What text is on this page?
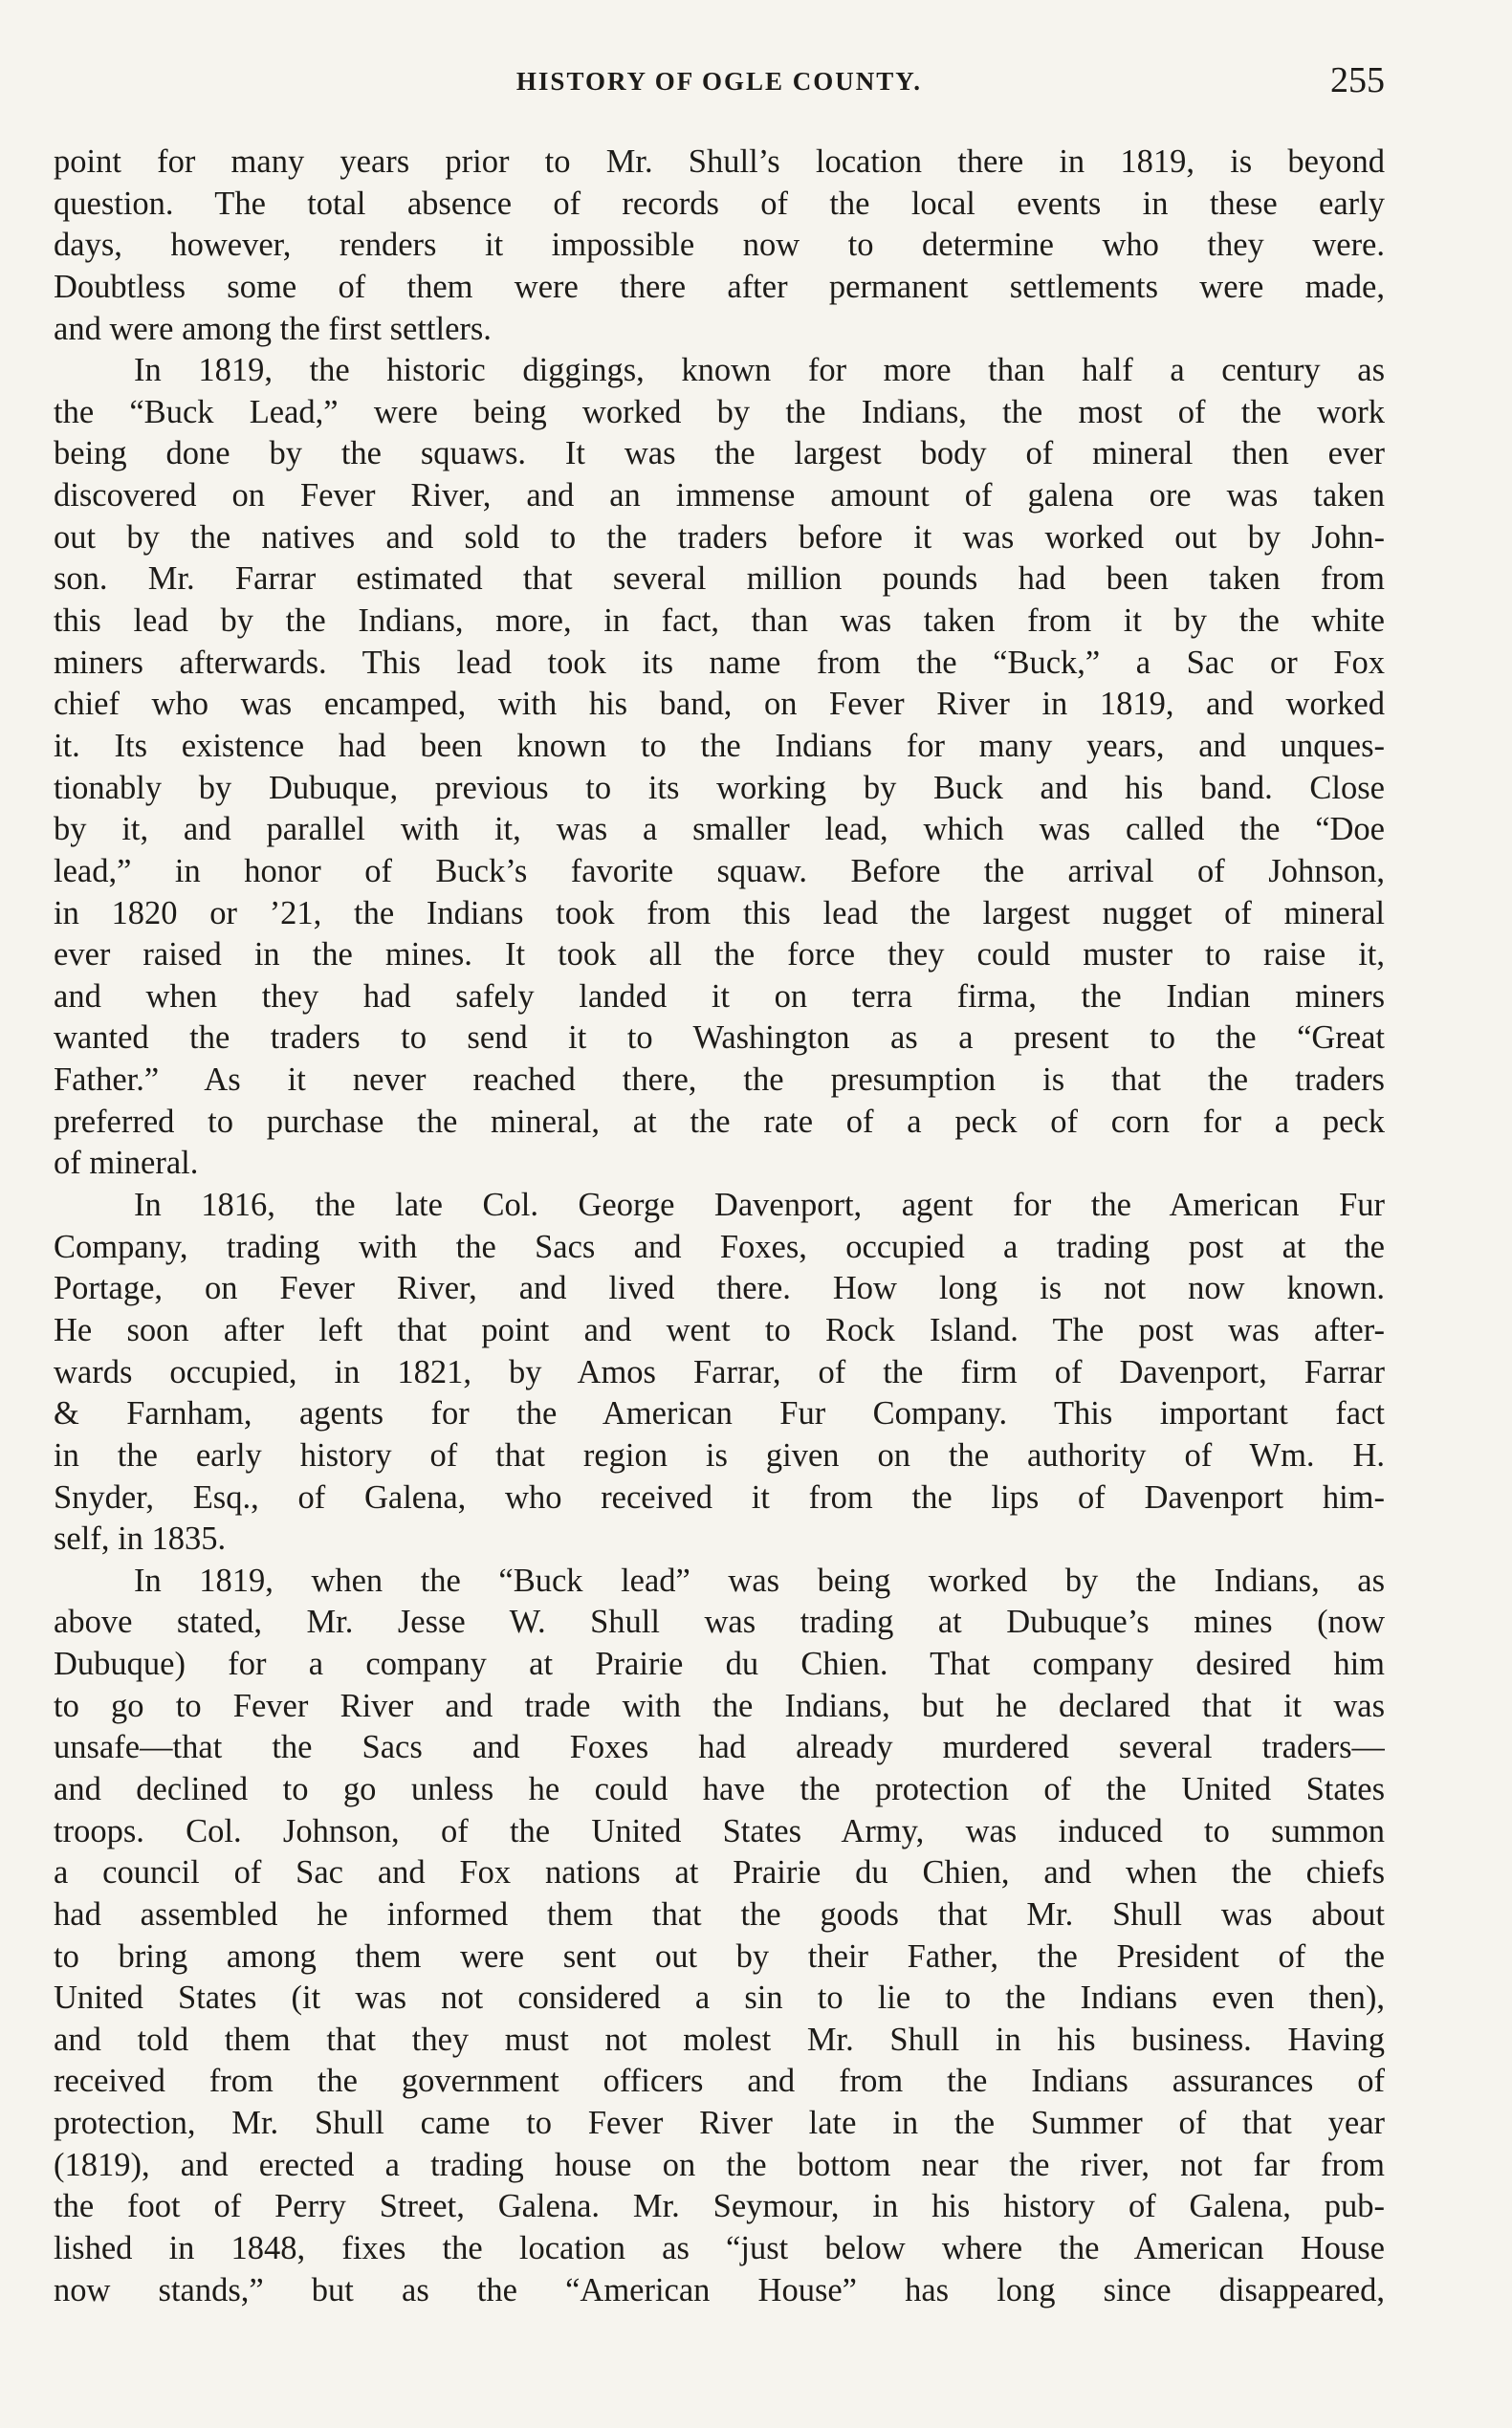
HISTORY OF OGLE COUNTY.	255
point for many years prior to Mr. Shull’s location there in 1819, is beyond
question. The total absence of records of the local events in these early
days, however, renders it impossible now to determine who they were.
Doubtless some of them were there after permanent settlements were made,
and were among the first settlers.
In 1819, the historic diggings, known for more than half a century as
the “Buck Lead,” were being worked by the Indians, the most of the work
being done by the squaws. It was the largest body of mineral then ever
discovered on Fever River, and an immense amount of galena ore was taken
out by the natives and sold to the traders before it was worked out by John-
son. Mr. Farrar estimated that several million pounds had been taken from
this lead by the Indians, more, in fact, than was taken from it by the white
miners afterwards. This lead took its name from the “Buck,” a Sac or Fox
chief who was encamped, with his band, on Fever River in 1819, and worked
it. Its existence had been known to the Indians for many years, and unques-
tionably by Dubuque, previous to its working by Buck and his band. Close
by it, and parallel with it, was a smaller lead, which was called the “Doe
lead,” in honor of Buck’s favorite squaw. Before the arrival of Johnson,
in 1820 or ’21, the Indians took from this lead the largest nugget of mineral
ever raised in the mines. It took all the force they could muster to raise it,
and when they had safely landed it on terra firma, the Indian miners
wanted the traders to send it to Washington as a present to the “Great
Father.” As it never reached there, the presumption is that the traders
preferred to purchase the mineral, at the rate of a peck of corn for a peck
of mineral.
In 1816, the late Col. George Davenport, agent for the American Fur
Company, trading with the Sacs and Foxes, occupied a trading post at the
Portage, on Fever River, and lived there. How long is not now known.
He soon after left that point and went to Rock Island. The post was after-
wards occupied, in 1821, by Amos Farrar, of the firm of Davenport, Farrar
& Farnham, agents for the American Fur Company. This important fact
in the early history of that region is given on the authority of Wm. H.
Snyder, Esq., of Galena, who received it from the lips of Davenport him-
self, in 1835.
In 1819, when the “Buck lead” was being worked by the Indians, as
above stated, Mr. Jesse W. Shull was trading at Dubuque’s mines (now
Dubuque) for a company at Prairie du Chien. That company desired him
to go to Fever River and trade with the Indians, but he declared that it was
unsafe—that the Sacs and Foxes had already murdered several traders—
and declined to go unless he could have the protection of the United States
troops. Col. Johnson, of the United States Army, was induced to summon
a council of Sac and Fox nations at Prairie du Chien, and when the chiefs
had assembled he informed them that the goods that Mr. Shull was about
to bring among them were sent out by their Father, the President of the
United States (it was not considered a sin to lie to the Indians even then),
and told them that they must not molest Mr. Shull in his business. Having
received from the government officers and from the Indians assurances of
protection, Mr. Shull came to Fever River late in the Summer of that year
(1819), and erected a trading house on the bottom near the river, not far from
the foot of Perry Street, Galena. Mr. Seymour, in his history of Galena, pub-
lished in 1848, fixes the location as “just below where the American House
now stands,” but as the “American House” has long since disappeared,
